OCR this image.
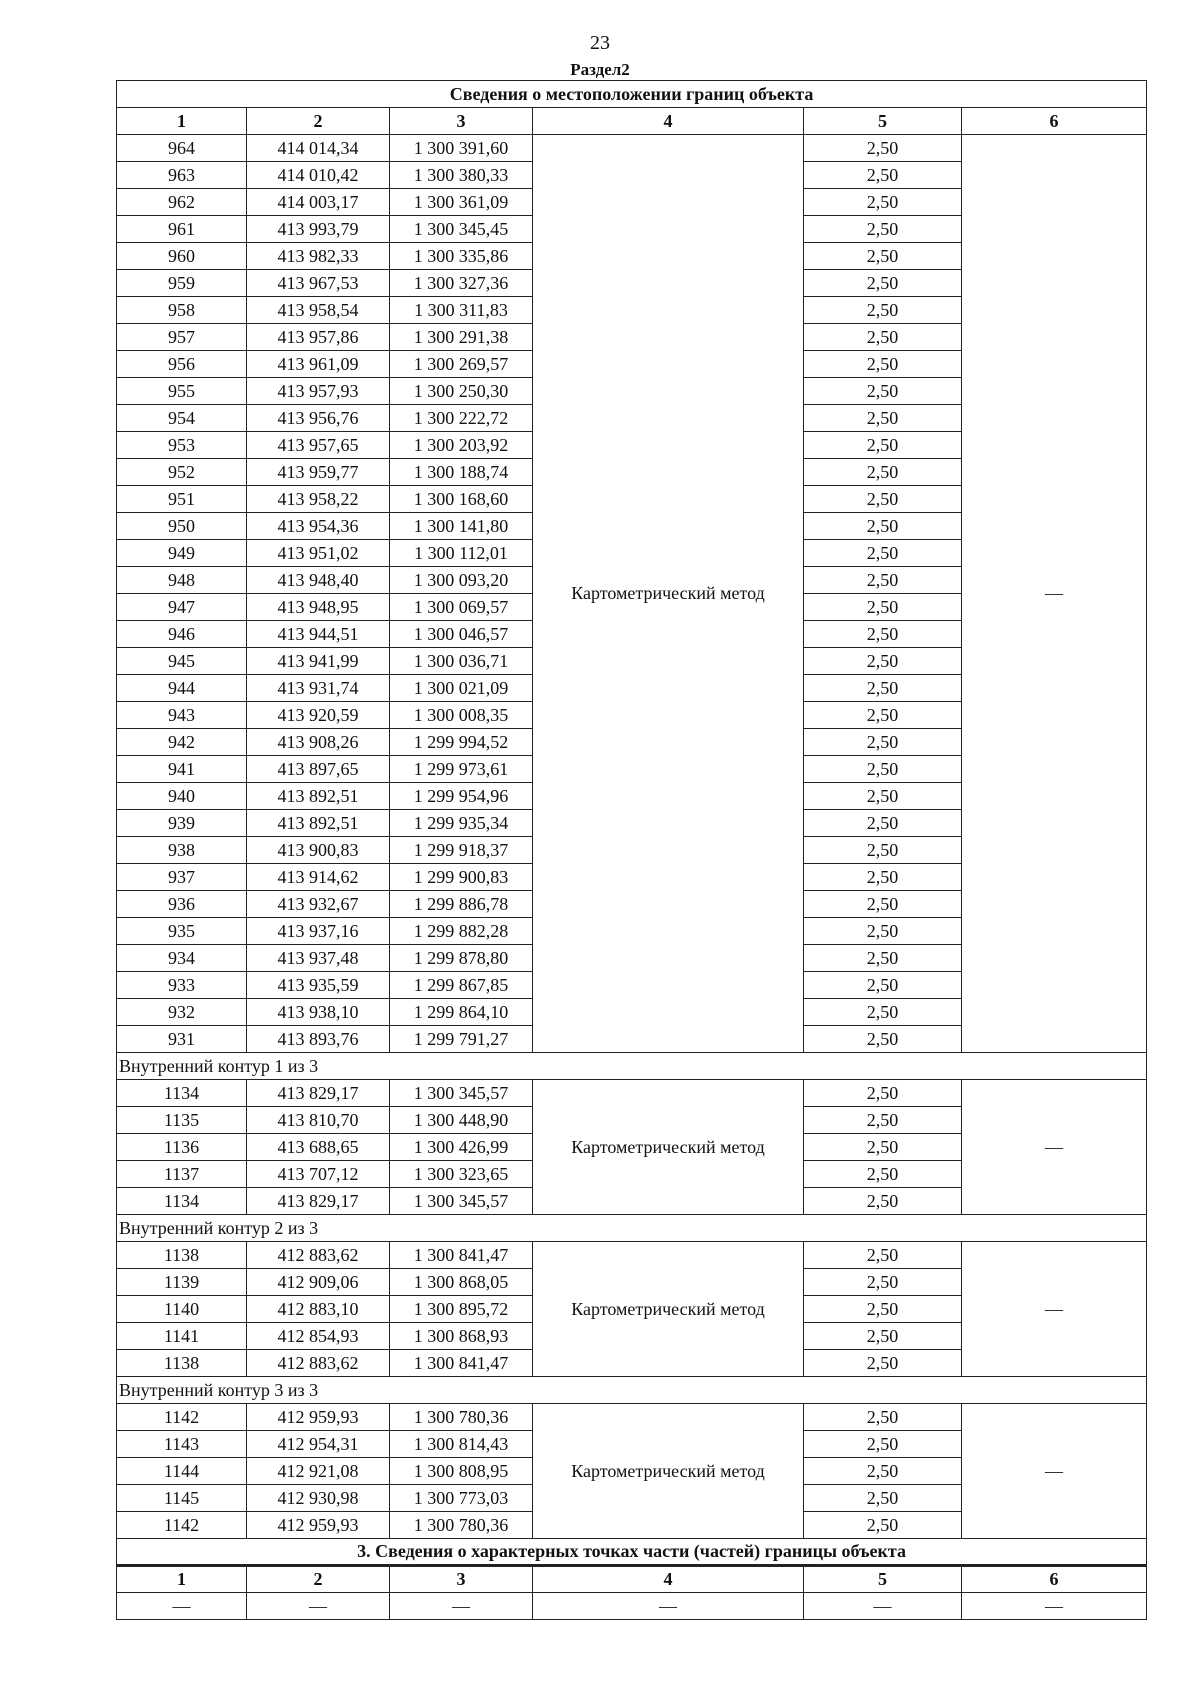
23
Раздел2
Сведения о местоположении границ объекта					
1	2	3	4	5	6
964	414 014,34	1 300 391,60	Картометрический метод	2,50	—
963	414 010,42	1 300 380,33		2,50	
962	414 003,17	1 300 361,09		2,50	
961	413 993,79	1 300 345,45		2,50	
960	413 982,33	1 300 335,86		2,50	
959	413 967,53	1 300 327,36		2,50	
958	413 958,54	1 300 311,83		2,50	
957	413 957,86	1 300 291,38		2,50	
956	413 961,09	1 300 269,57		2,50	
955	413 957,93	1 300 250,30		2,50	
954	413 956,76	1 300 222,72		2,50	
953	413 957,65	1 300 203,92		2,50	
952	413 959,77	1 300 188,74		2,50	
951	413 958,22	1 300 168,60		2,50	
950	413 954,36	1 300 141,80		2,50	
949	413 951,02	1 300 112,01		2,50	
948	413 948,40	1 300 093,20		2,50	
947	413 948,95	1 300 069,57		2,50	
946	413 944,51	1 300 046,57		2,50	
945	413 941,99	1 300 036,71		2,50	
944	413 931,74	1 300 021,09		2,50	
943	413 920,59	1 300 008,35		2,50	
942	413 908,26	1 299 994,52		2,50	
941	413 897,65	1 299 973,61		2,50	
940	413 892,51	1 299 954,96		2,50	
939	413 892,51	1 299 935,34		2,50	
938	413 900,83	1 299 918,37		2,50	
937	413 914,62	1 299 900,83		2,50	
936	413 932,67	1 299 886,78		2,50	
935	413 937,16	1 299 882,28		2,50	
934	413 937,48	1 299 878,80		2,50	
933	413 935,59	1 299 867,85		2,50	
932	413 938,10	1 299 864,10		2,50	
931	413 893,76	1 299 791,27		2,50	
Внутренний контур 1 из 3					
1134	413 829,17	1 300 345,57	Картометрический метод	2,50	—
1135	413 810,70	1 300 448,90		2,50	
1136	413 688,65	1 300 426,99		2,50	
1137	413 707,12	1 300 323,65		2,50	
1134	413 829,17	1 300 345,57		2,50	
Внутренний контур 2 из 3					
1138	412 883,62	1 300 841,47	Картометрический метод	2,50	—
1139	412 909,06	1 300 868,05		2,50	
1140	412 883,10	1 300 895,72		2,50	
1141	412 854,93	1 300 868,93		2,50	
1138	412 883,62	1 300 841,47		2,50	
Внутренний контур 3 из 3					
1142	412 959,93	1 300 780,36	Картометрический метод	2,50	—
1143	412 954,31	1 300 814,43		2,50	
1144	412 921,08	1 300 808,95		2,50	
1145	412 930,98	1 300 773,03		2,50	
1142	412 959,93	1 300 780,36		2,50	
3. Сведения о характерных точках части (частей) границы объекта					
1	2	3	4	5	6
—	—	—	—	—	—
